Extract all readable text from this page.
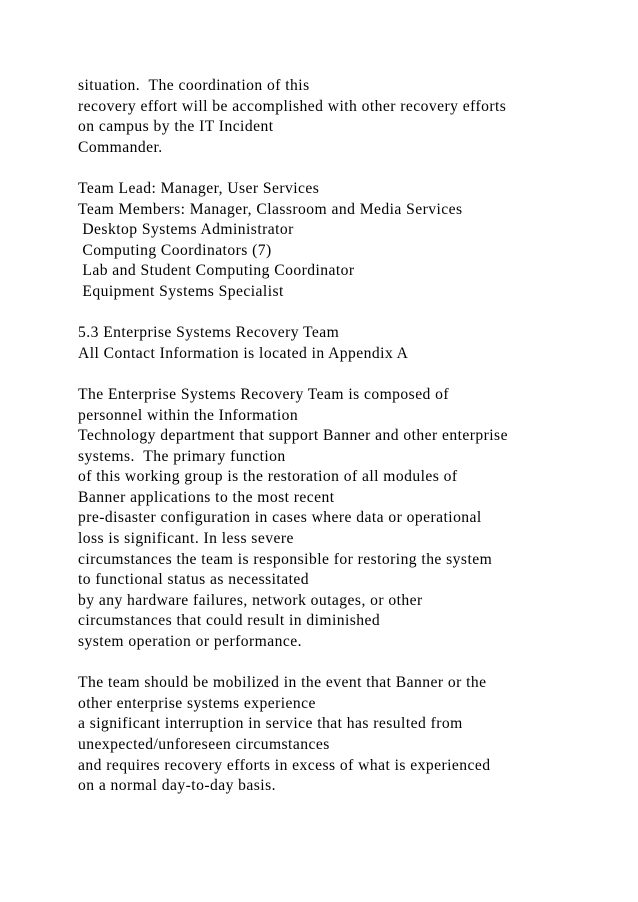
situation.  The coordination of this
recovery effort will be accomplished with other recovery efforts
on campus by the IT Incident
Commander.
Team Lead: Manager, User Services
Team Members: Manager, Classroom and Media Services
Desktop Systems Administrator
Computing Coordinators (7)
Lab and Student Computing Coordinator
Equipment Systems Specialist
5.3 Enterprise Systems Recovery Team
All Contact Information is located in Appendix A
The Enterprise Systems Recovery Team is composed of
personnel within the Information
Technology department that support Banner and other enterprise
systems.  The primary function
of this working group is the restoration of all modules of
Banner applications to the most recent
pre-disaster configuration in cases where data or operational
loss is significant. In less severe
circumstances the team is responsible for restoring the system
to functional status as necessitated
by any hardware failures, network outages, or other
circumstances that could result in diminished
system operation or performance.
The team should be mobilized in the event that Banner or the
other enterprise systems experience
a significant interruption in service that has resulted from
unexpected/unforeseen circumstances
and requires recovery efforts in excess of what is experienced
on a normal day-to-day basis.
